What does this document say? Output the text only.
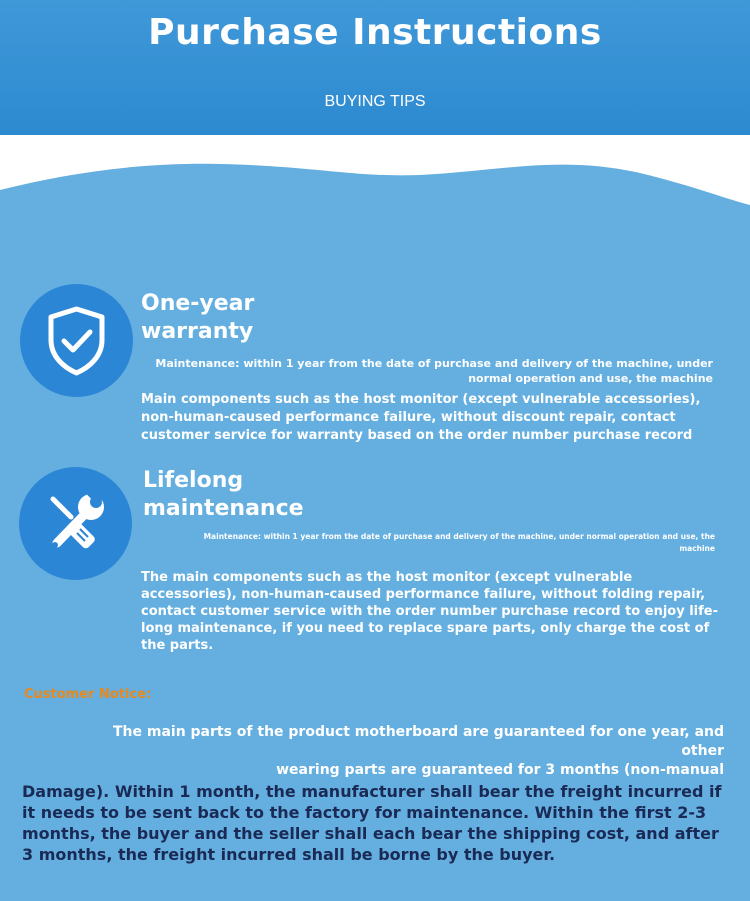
Purchase Instructions
BUYING TIPS
One-year
warranty
Maintenance: within 1 year from the date of purchase and delivery of the machine, under
normal operation and use, the machine
Main components such as the host monitor (except vulnerable accessories), non-human-caused performance failure, without discount repair, contact customer service for warranty based on the order number purchase record
Lifelong
maintenance
Maintenance: within 1 year from the date of purchase and delivery of the machine, under normal operation and use, the
machine
The main components such as the host monitor (except vulnerable accessories), non-human-caused performance failure, without folding repair, contact customer service with the order number purchase record to enjoy life-long maintenance, if you need to replace spare parts, only charge the cost of the parts.
Customer Notice:
The main parts of the product motherboard are guaranteed for one year, and other
wearing parts are guaranteed for 3 months (non-manual
Damage). Within 1 month, the manufacturer shall bear the freight incurred if it needs to be sent back to the factory for maintenance. Within the first 2-3 months, the buyer and the seller shall each bear the shipping cost, and after 3 months, the freight incurred shall be borne by the buyer.
